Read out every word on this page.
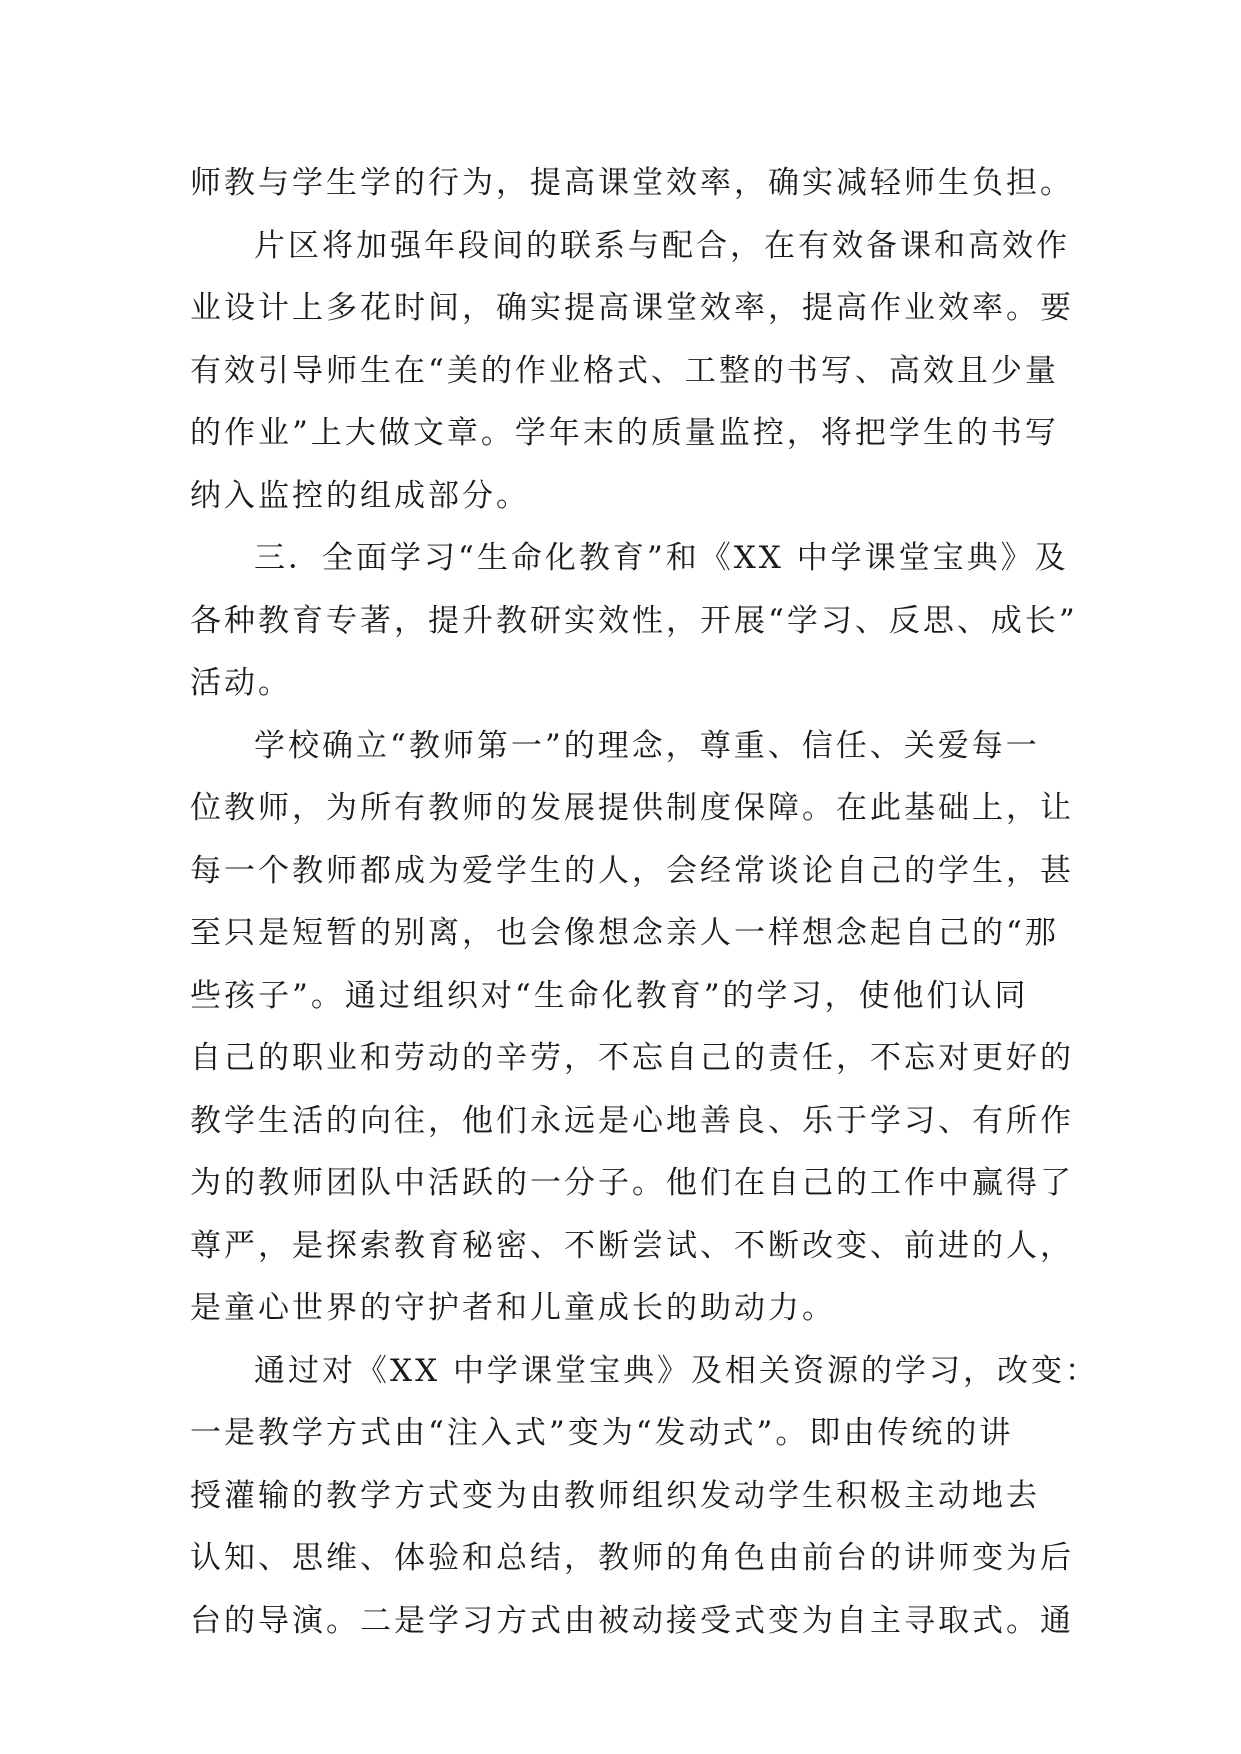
师教与学生学的行为，提高课堂效率，确实减轻师生负担。
片区将加强年段间的联系与配合，在有效备课和高效作
业设计上多花时间，确实提高课堂效率，提高作业效率。要
有效引导师生在“美的作业格式、工整的书写、高效且少量
的作业”上大做文章。学年末的质量监控，将把学生的书写
纳入监控的组成部分。
三．全面学习“生命化教育”和《XX 中学课堂宝典》及
各种教育专著，提升教研实效性，开展“学习、反思、成长”
活动。
学校确立“教师第一”的理念，尊重、信任、关爱每一
位教师，为所有教师的发展提供制度保障。在此基础上，让
每一个教师都成为爱学生的人，会经常谈论自己的学生，甚
至只是短暂的别离，也会像想念亲人一样想念起自己的“那
些孩子”。通过组织对“生命化教育”的学习，使他们认同
自己的职业和劳动的辛劳，不忘自己的责任，不忘对更好的
教学生活的向往，他们永远是心地善良、乐于学习、有所作
为的教师团队中活跃的一分子。他们在自己的工作中赢得了
尊严，是探索教育秘密、不断尝试、不断改变、前进的人，
是童心世界的守护者和儿童成长的助动力。
通过对《XX 中学课堂宝典》及相关资源的学习，改变：
一是教学方式由“注入式”变为“发动式”。即由传统的讲
授灌输的教学方式变为由教师组织发动学生积极主动地去
认知、思维、体验和总结，教师的角色由前台的讲师变为后
台的导演。二是学习方式由被动接受式变为自主寻取式。通
